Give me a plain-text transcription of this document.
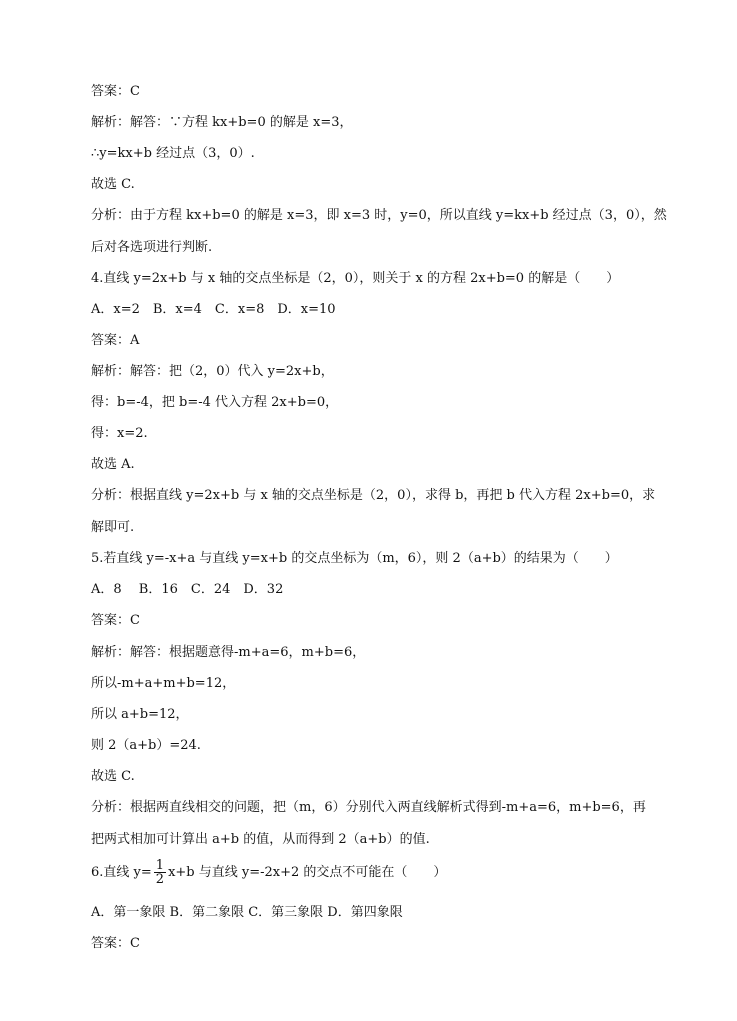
答案：C
解析：解答：∵方程 kx+b=0 的解是 x=3，
∴y=kx+b 经过点（3，0）.
故选 C.
分析：由于方程 kx+b=0 的解是 x=3，即 x=3 时，y=0，所以直线 y=kx+b 经过点（3，0），然
后对各选项进行判断.
4.直线 y=2x+b 与 x 轴的交点坐标是（2，0），则关于 x 的方程 2x+b=0 的解是（　　）
A．x=2　B．x=4　C．x=8　D．x=10
答案：A
解析：解答：把（2，0）代入 y=2x+b，
得：b=-4，把 b=-4 代入方程 2x+b=0，
得：x=2.
故选 A.
分析：根据直线 y=2x+b 与 x 轴的交点坐标是（2，0），求得 b，再把 b 代入方程 2x+b=0，求
解即可.
5.若直线 y=-x+a 与直线 y=x+b 的交点坐标为（m，6），则 2（a+b）的结果为（　　）
A．8　 B．16　C．24　D．32
答案：C
解析：解答：根据题意得-m+a=6，m+b=6，
所以-m+a+m+b=12，
所以 a+b=12，
则 2（a+b）=24.
故选 C.
分析：根据两直线相交的问题，把（m，6）分别代入两直线解析式得到-m+a=6，m+b=6，再
把两式相加可计算出 a+b 的值，从而得到 2（a+b）的值.
6.直线 $y= \frac{1}{2} x+b$ 与直线 y=-2x+2 的交点不可能在（　　）
A．第一象限 B．第二象限 C．第三象限 D．第四象限
答案：C
